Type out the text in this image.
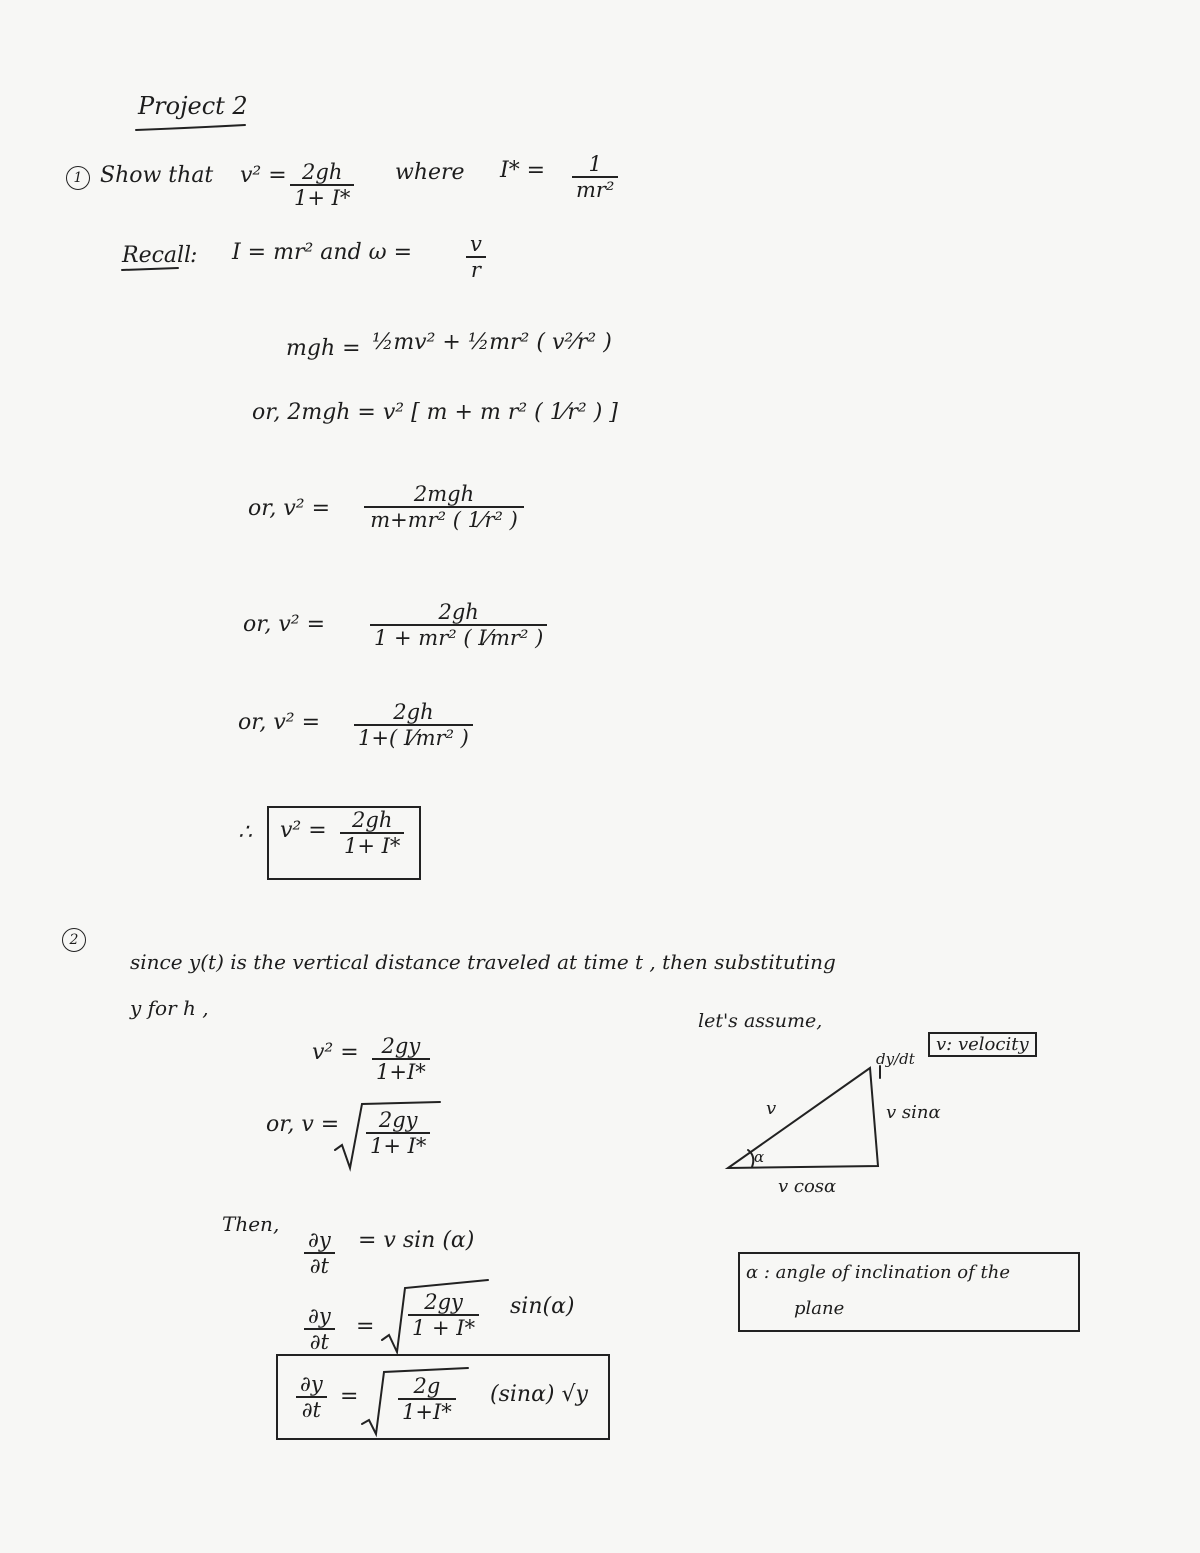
Project 2
1 Show that $v^2 = \frac{2gh}{1+ I*}$ where $I* = \frac{1}{\text{mr²}}$
Recall
: I = mr² and ω =	$\frac{v}{r}$
mgh = ½mv² + ½mr² ( v²⁄r² )
or, 2mgh = v² [ m + m r² ( 1⁄r² ) ]
or, v² =
2mgh
m+mr² ( 1⁄r² )
or, $v^2 = \frac{2gh}{\text{1 + mr² ( I⁄mr² )}}$
or, $v^2 = \frac{2gh}{\text{1+( I⁄mr² )}}$
∴ $v^2 = \frac{2gh}{1+ I*}$
2
since y(t) is the vertical distance traveled at time t , then substituting
y for h ,
let's assume,
$v^2 = \frac{2gy}{1+I*}$
or, $v = \frac{2gy}{1+ I*}$
Then,
$\frac{\partial y}{\partial t} = v$ sin (α)
$\frac{\partial y}{\partial t} = \frac{2gy}{1 + I*} \sin(\alpha)$
$\frac{\partial y}{\partial t} = \frac{2g}{1+I*} (\sin\alpha)$ √y
dy/dt
v: velocity
v	v sinα
v cosα
α
α : angle of inclination of the
plane
